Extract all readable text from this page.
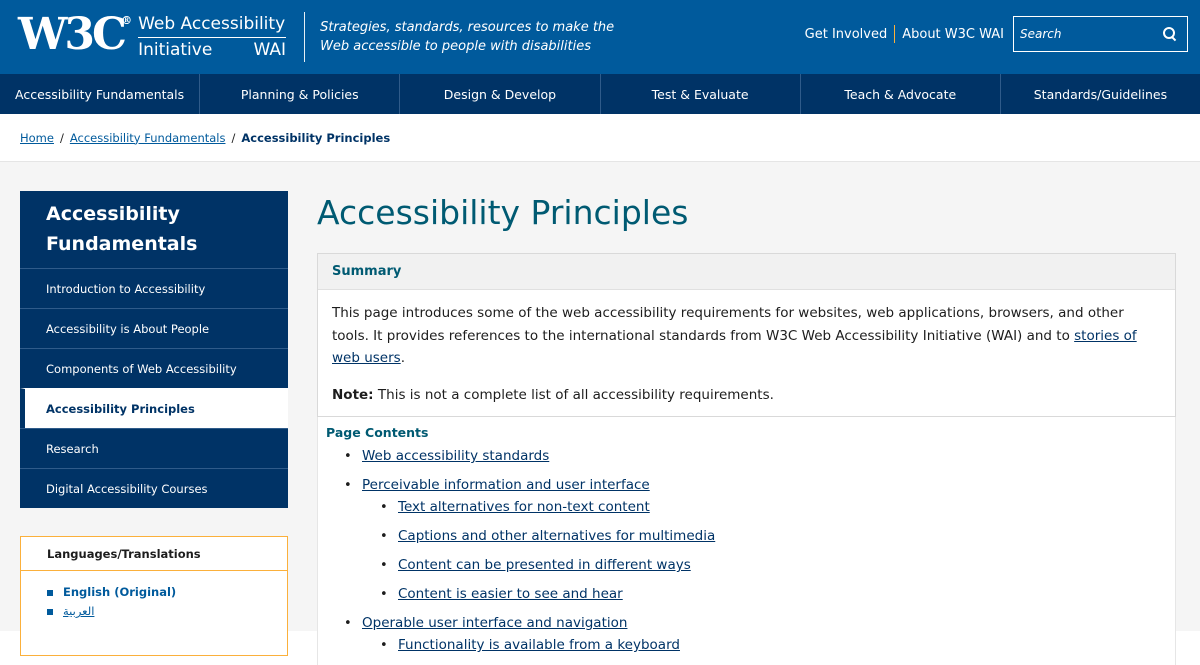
W3C
® Web Accessibility
Initiative WAI
Strategies, standards, resources to make the Web accessible to people with disabilities
Get Involved	About W3C WAI
Search
Accessibility Fundamentals	Planning & Policies	Design & Develop	Test & Evaluate	Teach & Advocate	Standards/Guidelines
Home / Accessibility Fundamentals / Accessibility Principles
Accessibility
Fundamentals
Introduction to Accessibility
Accessibility is About People
Components of Web Accessibility
Accessibility Principles
Research
Digital Accessibility Courses
Languages/Translations
English (Original)
العربية
Accessibility Principles
Summary

This page introduces some of the web accessibility requirements for websites, web applications, browsers, and other tools. It provides references to the international standards from W3C Web Accessibility Initiative (WAI) and to stories of web users.

Note: This is not a complete list of all accessibility requirements.

Page Contents
• Web accessibility standards
• Perceivable information and user interface
• Text alternatives for non-text content
• Captions and other alternatives for multimedia
• Content can be presented in different ways
• Content is easier to see and hear
• Operable user interface and navigation
• Functionality is available from a keyboard
